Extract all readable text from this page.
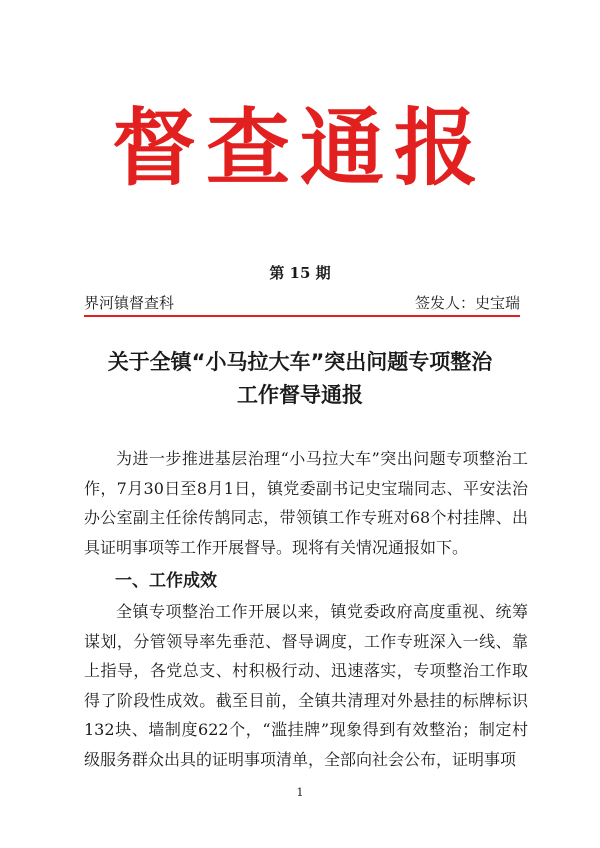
督查通报
第 15 期
界河镇督查科	签发人：史宝瑞
关于全镇“小马拉大车”突出问题专项整治
工作督导通报

为进一步推进基层治理“小马拉大车”突出问题专项整治工作，7月30日至8月1日，镇党委副书记史宝瑞同志、平安法治办公室副主任徐传鹄同志，带领镇工作专班对68个村挂牌、出具证明事项等工作开展督导。现将有关情况通报如下。

一、工作成效

全镇专项整治工作开展以来，镇党委政府高度重视、统筹谋划，分管领导率先垂范、督导调度，工作专班深入一线、靠上指导，各党总支、村积极行动、迅速落实，专项整治工作取得了阶段性成效。截至目前，全镇共清理对外悬挂的标牌标识132块、墙制度622个，“滥挂牌”现象得到有效整治；制定村级服务群众出具的证明事项清单，全部向社会公布，证明事项

1
